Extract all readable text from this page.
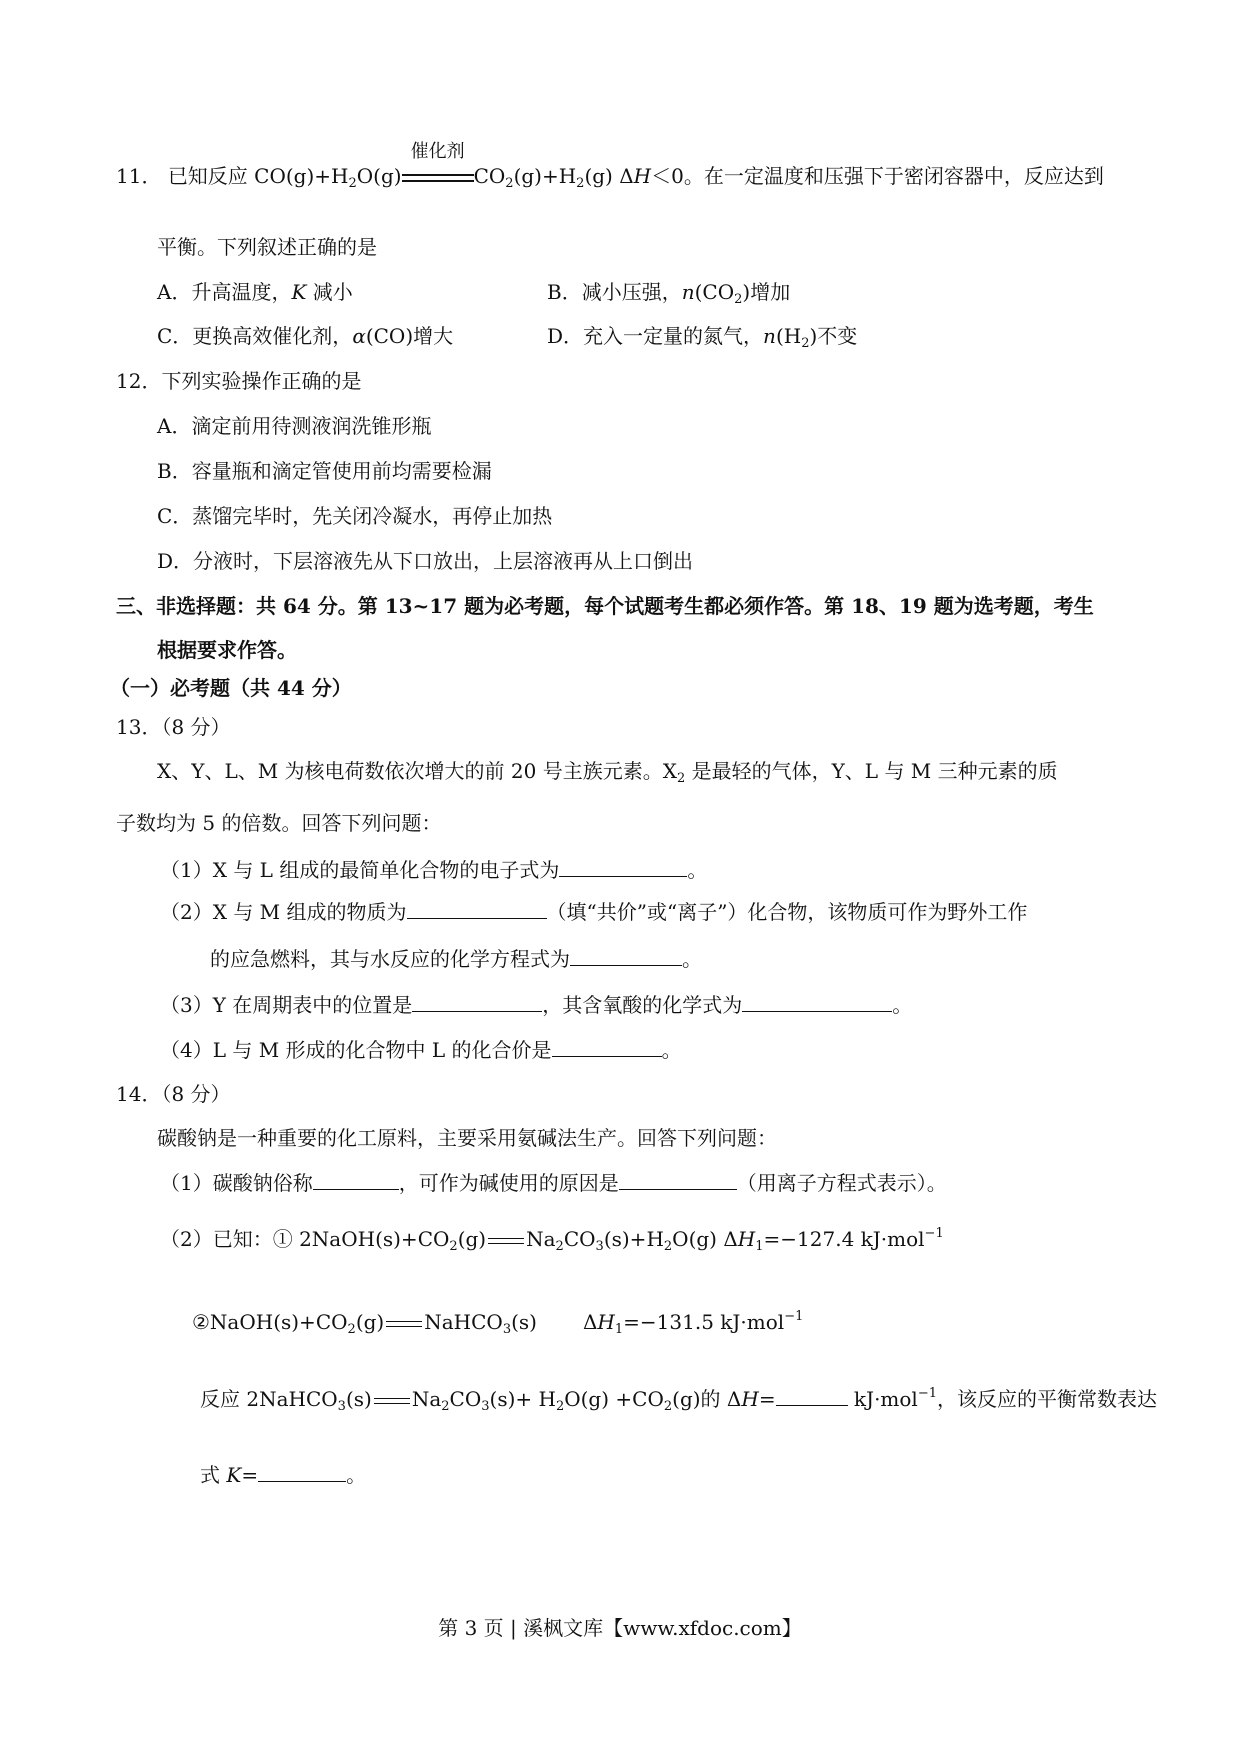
11． 已知反应 $CO(g)+H_2O(g)$
催化剂
$CO_2(g)+H_2(g)$ ΔH＜0。在一定温度和压强下于密闭容器中，反应达到
平衡。下列叙述正确的是
A．升高温度，K 减小	B．减小压强，$n(CO_2)$增加
C．更换高效催化剂，α(CO)增大	D．充入一定量的氮气，$n(H_2)$不变
12．下列实验操作正确的是
A．滴定前用待测液润洗锥形瓶
B．容量瓶和滴定管使用前均需要检漏
C．蒸馏完毕时，先关闭冷凝水，再停止加热
D．分液时，下层溶液先从下口放出，上层溶液再从上口倒出
三、非选择题：共 64 分。第 13~17 题为必考题，每个试题考生都必须作答。第 18、19 题为选考题，考生
根据要求作答。
（一）必考题（共 44 分）
13．（8 分）
X、Y、L、M 为核电荷数依次增大的前 20 号主族元素。$X_2$ 是最轻的气体，Y、L 与 M 三种元素的质
子数均为 5 的倍数。回答下列问题：
（1）X 与 L 组成的最简单化合物的电子式为	。
（2）X 与 M 组成的物质为	（填“共价”或“离子”）化合物，该物质可作为野外工作
的应急燃料，其与水反应的化学方程式为	。
（3）Y 在周期表中的位置是	，其含氧酸的化学式为	。
（4）L 与 M 形成的化合物中 L 的化合价是	。
14．（8 分）
碳酸钠是一种重要的化工原料，主要采用氨碱法生产。回答下列问题：
（1）碳酸钠俗称	，可作为碱使用的原因是	（用离子方程式表示）。
（2）已知：① $2NaOH(s)+CO_2(g)$ $Na_2CO_3(s)+H_2O(g)$ $\Delta H_1=-127.4$ kJ·mol$^{-1}$
$②NaOH(s)+CO_2(g)$ NaHCO$_3$(s) $\Delta H_1=-131.5$ kJ·mol$^{-1}$
反应 2NaHCO$_3$(s) $Na_2CO_3(s)+ H_2O(g) +CO_2(g)$的 ΔH=	kJ·mol$^{-1}$，该反应的平衡常数表达
式 K=	。
第 3 页 | 溪枫文库【www.xfdoc.com】
